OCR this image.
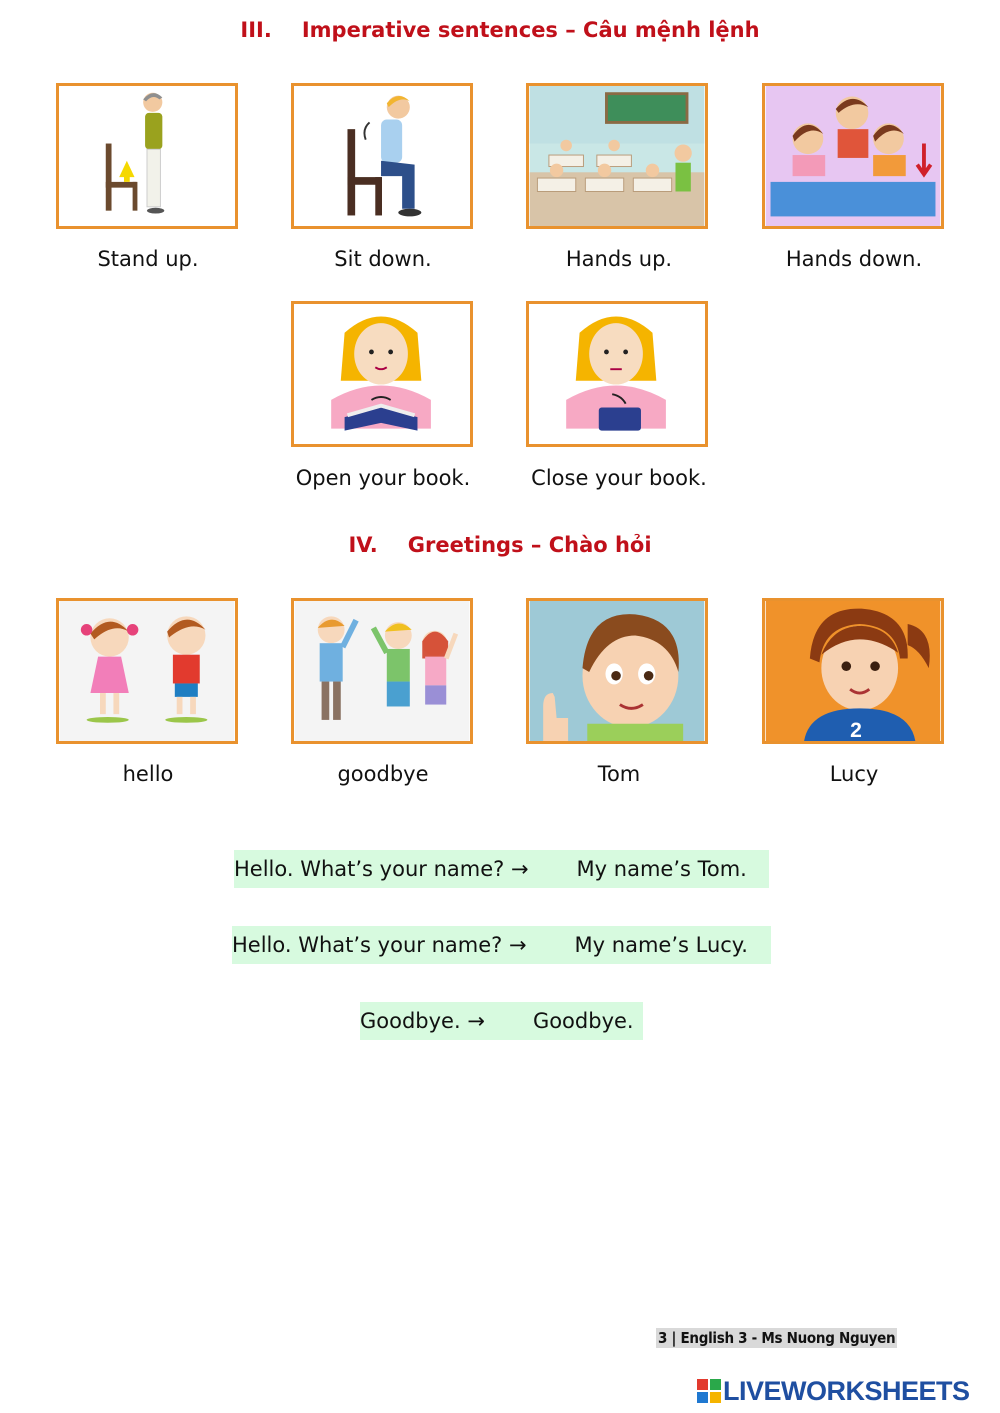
III. Imperative sentences – Câu mệnh lệnh
Stand up.	Sit down.	Hands up.	Hands down.
Open your book.	Close your book.
IV. Greetings – Chào hỏi
2
hello	goodbye	Tom	Lucy
Hello. What’s your name? → My name’s Tom.
Hello. What’s your name? → My name’s Lucy.
Goodbye. → Goodbye.
3 | English 3 - Ms Nuong Nguyen
LIVEWORKSHEETS
